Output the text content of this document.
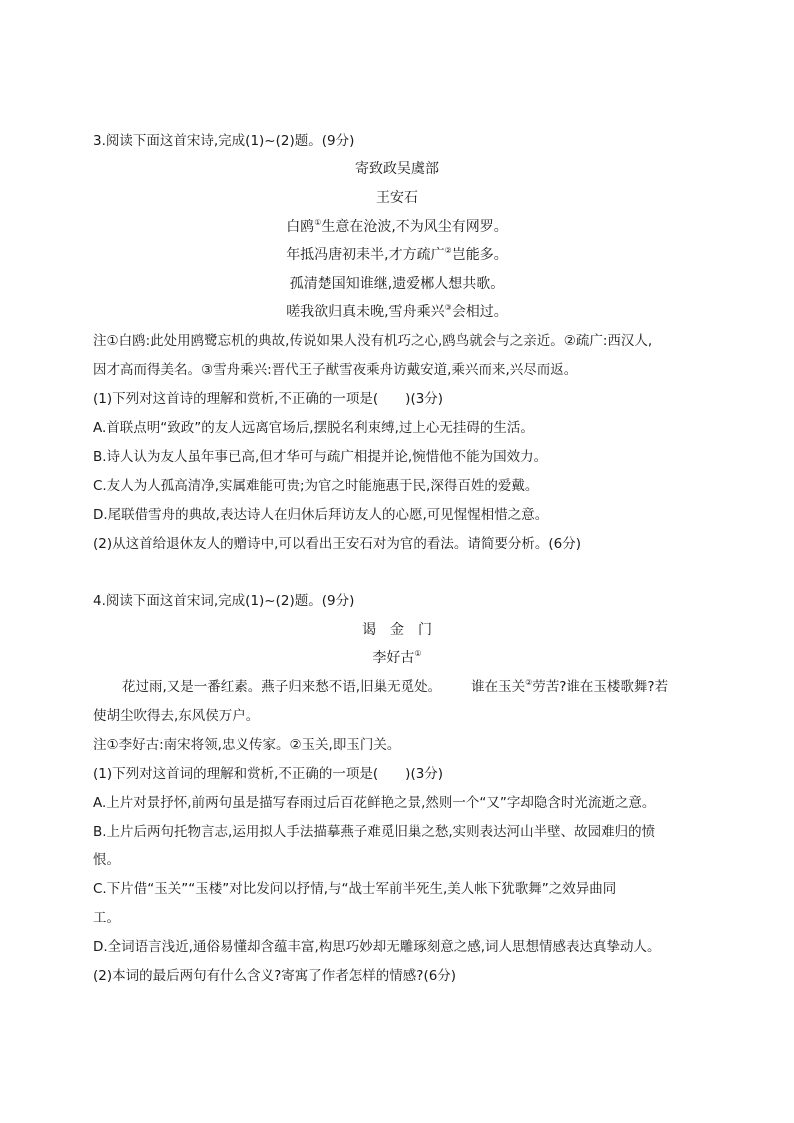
3.阅读下面这首宋诗,完成(1)~(2)题。(9分)
寄致政吴虞部
王安石
白鸥①生意在沧波,不为风尘有网罗。
年抵冯唐初耒半,才方疏广②岂能多。
孤清楚国知谁继,遗爱郴人想共歌。
嗟我欲归真未晚,雪舟乘兴③会相过。
注①白鸥:此处用鸥鹭忘机的典故,传说如果人没有机巧之心,鸥鸟就会与之亲近。②疏广:西汉人,
因才高而得美名。③雪舟乘兴:晋代王子猷雪夜乘舟访戴安道,乘兴而来,兴尽而返。
(1)下列对这首诗的理解和赏析,不正确的一项是(　　)(3分)
A.首联点明“致政”的友人远离官场后,摆脱名利束缚,过上心无挂碍的生活。
B.诗人认为友人虽年事已高,但才华可与疏广相提并论,惋惜他不能为国效力。
C.友人为人孤高清净,实属难能可贵;为官之时能施惠于民,深得百姓的爱戴。
D.尾联借雪舟的典故,表达诗人在归休后拜访友人的心愿,可见惺惺相惜之意。
(2)从这首给退休友人的赠诗中,可以看出王安石对为官的看法。请简要分析。(6分)
4.阅读下面这首宋词,完成(1)~(2)题。(9分)
谒　金　门
李好古①
花过雨,又是一番红素。燕子归来愁不语,旧巢无觅处。 谁在玉关②劳苦?谁在玉楼歌舞?若
使胡尘吹得去,东风侯万户。
注①李好古:南宋将领,忠义传家。②玉关,即玉门关。
(1)下列对这首词的理解和赏析,不正确的一项是(　　)(3分)
A.上片对景抒怀,前两句虽是描写春雨过后百花鲜艳之景,然则一个“又”字却隐含时光流逝之意。
B.上片后两句托物言志,运用拟人手法描摹燕子难觅旧巢之愁,实则表达河山半壁、故园难归的愤
恨。
C.下片借“玉关”“玉楼”对比发问以抒情,与“战士军前半死生,美人帐下犹歌舞”之效异曲同
工。
D.全词语言浅近,通俗易懂却含蕴丰富,构思巧妙却无雕琢刻意之感,词人思想情感表达真挚动人。
(2)本词的最后两句有什么含义?寄寓了作者怎样的情感?(6分)
